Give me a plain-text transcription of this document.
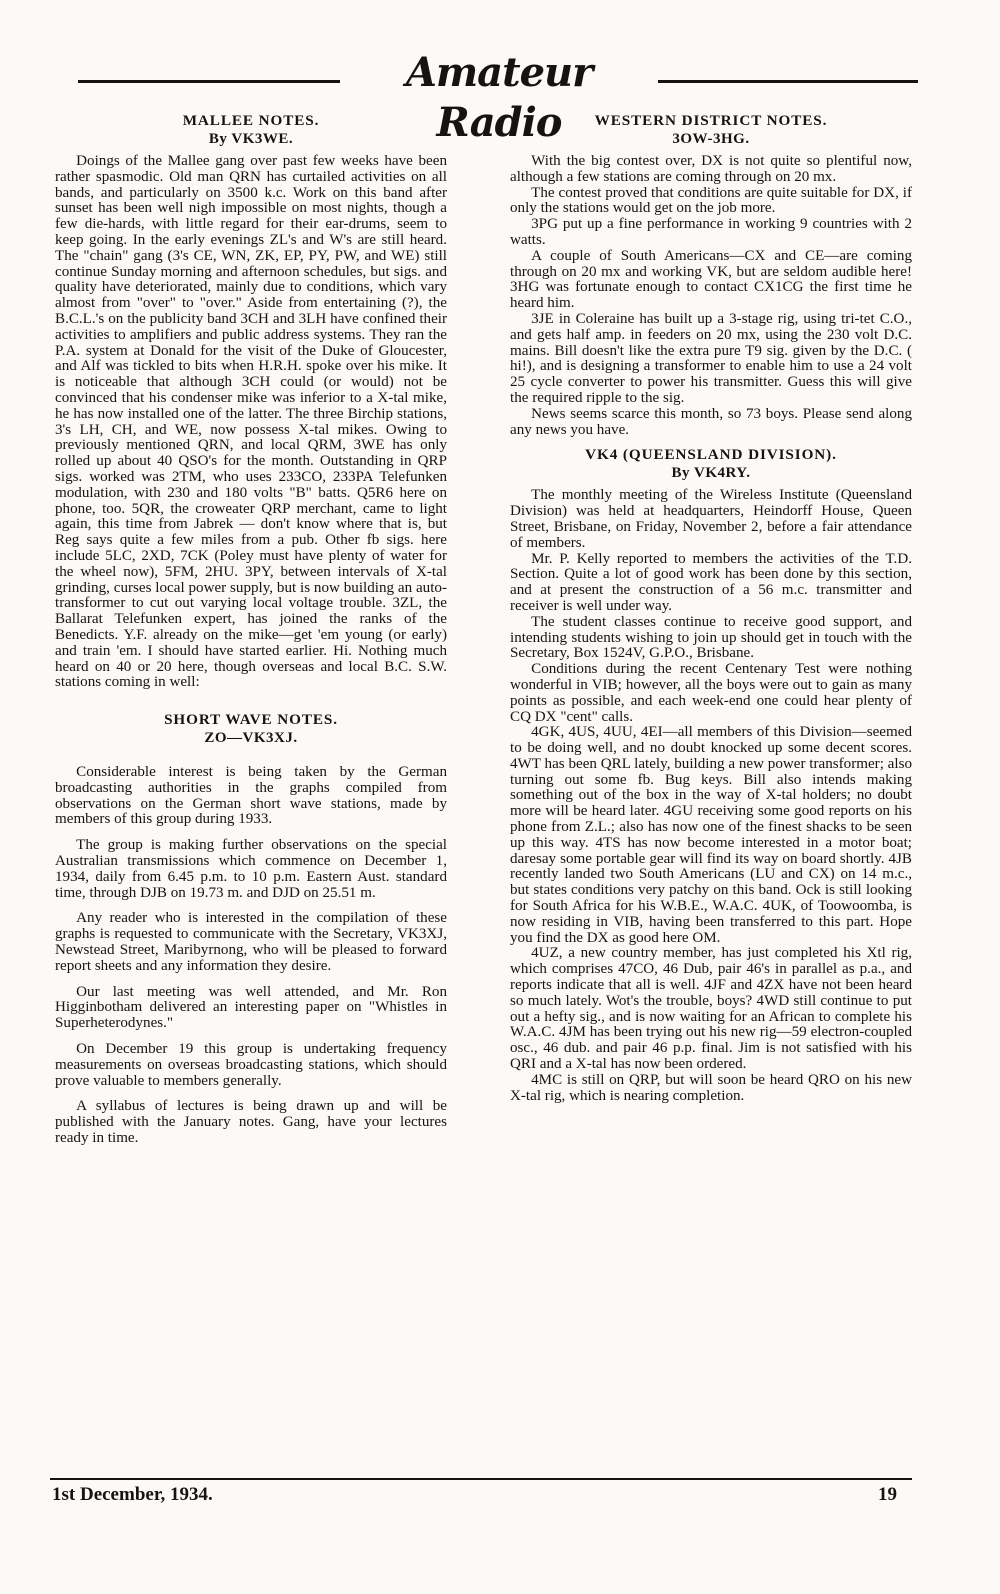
Amateur Radio
MALLEE NOTES.
By VK3WE.

Doings of the Mallee gang over past few weeks have been rather spasmodic. Old man QRN has curtailed activities on all bands, and particularly on 3500 k.c. Work on this band after sunset has been well nigh impossible on most nights, though a few die-hards, with little regard for their ear-drums, seem to keep going. In the early evenings ZL's and W's are still heard. The "chain" gang (3's CE, WN, ZK, EP, PY, PW, and WE) still continue Sunday morning and afternoon schedules, but sigs. and quality have deteriorated, mainly due to conditions, which vary almost from "over" to "over." Aside from entertaining (?), the B.C.L.'s on the publicity band 3CH and 3LH have confined their activities to amplifiers and public address systems. They ran the P.A. system at Donald for the visit of the Duke of Gloucester, and Alf was tickled to bits when H.R.H. spoke over his mike. It is noticeable that although 3CH could (or would) not be convinced that his condenser mike was inferior to a X-tal mike, he has now installed one of the latter. The three Birchip stations, 3's LH, CH, and WE, now possess X-tal mikes. Owing to previously mentioned QRN, and local QRM, 3WE has only rolled up about 40 QSO's for the month. Outstanding in QRP sigs. worked was 2TM, who uses 233CO, 233PA Telefunken modulation, with 230 and 180 volts "B" batts. Q5R6 here on phone, too. 5QR, the croweater QRP merchant, came to light again, this time from Jabrek — don't know where that is, but Reg says quite a few miles from a pub. Other fb sigs. here include 5LC, 2XD, 7CK (Poley must have plenty of water for the wheel now), 5FM, 2HU. 3PY, between intervals of X-tal grinding, curses local power supply, but is now building an auto-transformer to cut out varying local voltage trouble. 3ZL, the Ballarat Telefunken expert, has joined the ranks of the Benedicts. Y.F. already on the mike—get 'em young (or early) and train 'em. I should have started earlier. Hi. Nothing much heard on 40 or 20 here, though overseas and local B.C. S.W. stations coming in well:

SHORT WAVE NOTES.
ZO—VK3XJ.

Considerable interest is being taken by the German broadcasting authorities in the graphs compiled from observations on the German short wave stations, made by members of this group during 1933.

The group is making further observations on the special Australian transmissions which commence on December 1, 1934, daily from 6.45 p.m. to 10 p.m. Eastern Aust. standard time, through DJB on 19.73 m. and DJD on 25.51 m.

Any reader who is interested in the compilation of these graphs is requested to communicate with the Secretary, VK3XJ, Newstead Street, Maribyrnong, who will be pleased to forward report sheets and any information they desire.

Our last meeting was well attended, and Mr. Ron Higginbotham delivered an interesting paper on "Whistles in Superheterodynes."

On December 19 this group is undertaking frequency measurements on overseas broadcasting stations, which should prove valuable to members generally.

A syllabus of lectures is being drawn up and will be published with the January notes. Gang, have your lectures ready in time.

WESTERN DISTRICT NOTES.
3OW-3HG.

With the big contest over, DX is not quite so plentiful now, although a few stations are coming through on 20 mx.

The contest proved that conditions are quite suitable for DX, if only the stations would get on the job more.

3PG put up a fine performance in working 9 countries with 2 watts.

A couple of South Americans—CX and CE—are coming through on 20 mx and working VK, but are seldom audible here! 3HG was fortunate enough to contact CX1CG the first time he heard him.

3JE in Coleraine has built up a 3-stage rig, using tri-tet C.O., and gets half amp. in feeders on 20 mx, using the 230 volt D.C. mains. Bill doesn't like the extra pure T9 sig. given by the D.C. ( hi!), and is designing a transformer to enable him to use a 24 volt 25 cycle converter to power his transmitter. Guess this will give the required ripple to the sig.

News seems scarce this month, so 73 boys. Please send along any news you have.

VK4 (QUEENSLAND DIVISION).
By VK4RY.

The monthly meeting of the Wireless Institute (Queensland Division) was held at headquarters, Heindorff House, Queen Street, Brisbane, on Friday, November 2, before a fair attendance of members.

Mr. P. Kelly reported to members the activities of the T.D. Section. Quite a lot of good work has been done by this section, and at present the construction of a 56 m.c. transmitter and receiver is well under way.

The student classes continue to receive good support, and intending students wishing to join up should get in touch with the Secretary, Box 1524V, G.P.O., Brisbane.

Conditions during the recent Centenary Test were nothing wonderful in VIB; however, all the boys were out to gain as many points as possible, and each week-end one could hear plenty of CQ DX "cent" calls.

4GK, 4US, 4UU, 4EI—all members of this Division—seemed to be doing well, and no doubt knocked up some decent scores. 4WT has been QRL lately, building a new power transformer; also turning out some fb. Bug keys. Bill also intends making something out of the box in the way of X-tal holders; no doubt more will be heard later. 4GU receiving some good reports on his phone from Z.L.; also has now one of the finest shacks to be seen up this way. 4TS has now become interested in a motor boat; daresay some portable gear will find its way on board shortly. 4JB recently landed two South Americans (LU and CX) on 14 m.c., but states conditions very patchy on this band. Ock is still looking for South Africa for his W.B.E., W.A.C. 4UK, of Toowoomba, is now residing in VIB, having been transferred to this part. Hope you find the DX as good here OM.

4UZ, a new country member, has just completed his Xtl rig, which comprises 47CO, 46 Dub, pair 46's in parallel as p.a., and reports indicate that all is well. 4JF and 4ZX have not been heard so much lately. Wot's the trouble, boys? 4WD still continue to put out a hefty sig., and is now waiting for an African to complete his W.A.C. 4JM has been trying out his new rig—59 electron-coupled osc., 46 dub. and pair 46 p.p. final. Jim is not satisfied with his QRI and a X-tal has now been ordered.

4MC is still on QRP, but will soon be heard QRO on his new X-tal rig, which is nearing completion.

1st December, 1934.	19
